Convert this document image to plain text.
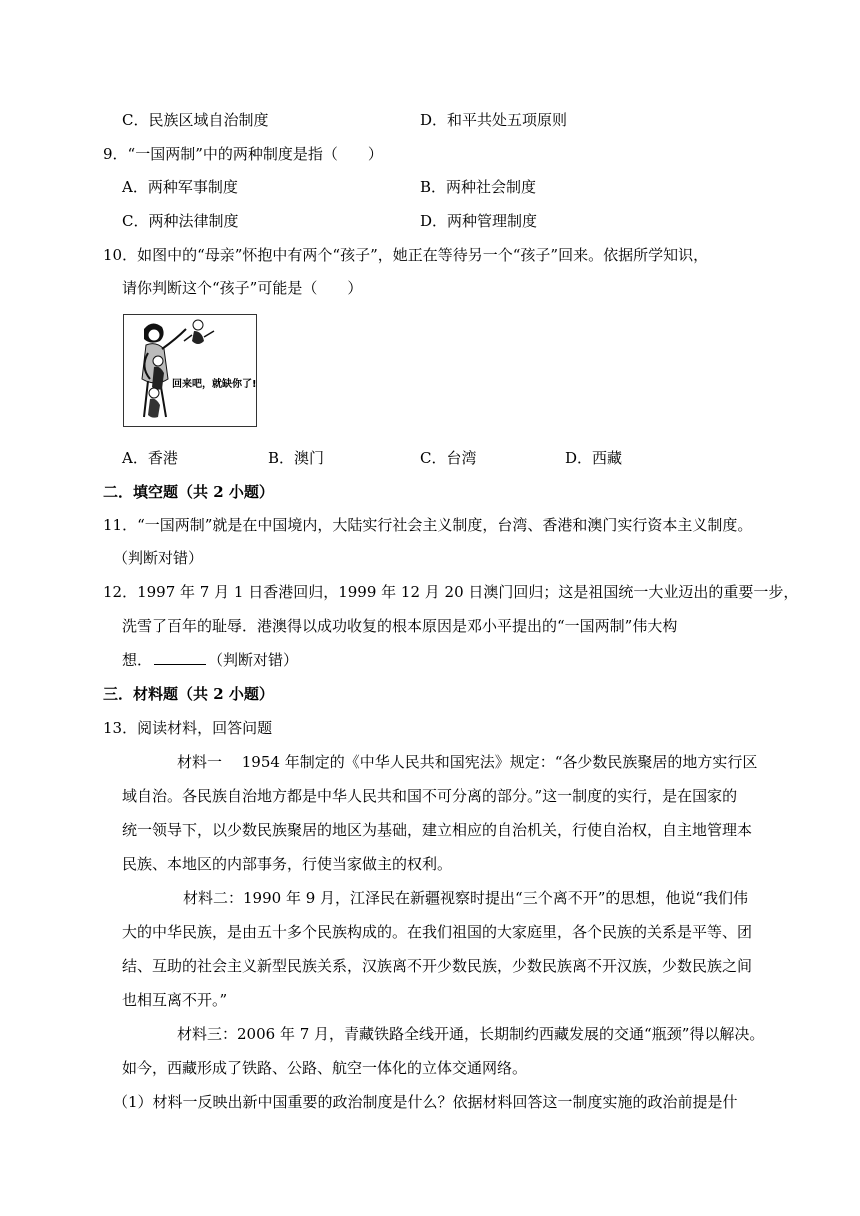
C．民族区域自治制度	D．和平共处五项原则
9．“一国两制”中的两种制度是指（　　）
A．两种军事制度	B．两种社会制度
C．两种法律制度	D．两种管理制度
10．如图中的“母亲”怀抱中有两个“孩子”，她正在等待另一个“孩子”回来。依据所学知识，
请你判断这个“孩子”可能是（　　）
回来吧，就缺你了!
A．香港	B．澳门	C．台湾	D．西藏
二．填空题（共 2 小题）
11．“一国两制”就是在中国境内，大陆实行社会主义制度，台湾、香港和澳门实行资本主义制度。
（判断对错）
12．1997 年 7 月 1 日香港回归，1999 年 12 月 20 日澳门回归；这是祖国统一大业迈出的重要一步，
洗雪了百年的耻辱．港澳得以成功收复的根本原因是邓小平提出的“一国两制”伟大构
想．	（判断对错）
三．材料题（共 2 小题）
13．阅读材料，回答问题
材料一　 1954 年制定的《中华人民共和国宪法》规定：“各少数民族聚居的地方实行区
域自治。各民族自治地方都是中华人民共和国不可分离的部分。”这一制度的实行，是在国家的
统一领导下，以少数民族聚居的地区为基础，建立相应的自治机关，行使自治权，自主地管理本
民族、本地区的内部事务，行使当家做主的权利。
材料二：1990 年 9 月，江泽民在新疆视察时提出“三个离不开”的思想，他说“我们伟
大的中华民族，是由五十多个民族构成的。在我们祖国的大家庭里，各个民族的关系是平等、团
结、互助的社会主义新型民族关系，汉族离不开少数民族，少数民族离不开汉族，少数民族之间
也相互离不开。”
材料三：2006 年 7 月，青藏铁路全线开通，长期制约西藏发展的交通“瓶颈”得以解决。
如今，西藏形成了铁路、公路、航空一体化的立体交通网络。
（1）材料一反映出新中国重要的政治制度是什么？依据材料回答这一制度实施的政治前提是什
